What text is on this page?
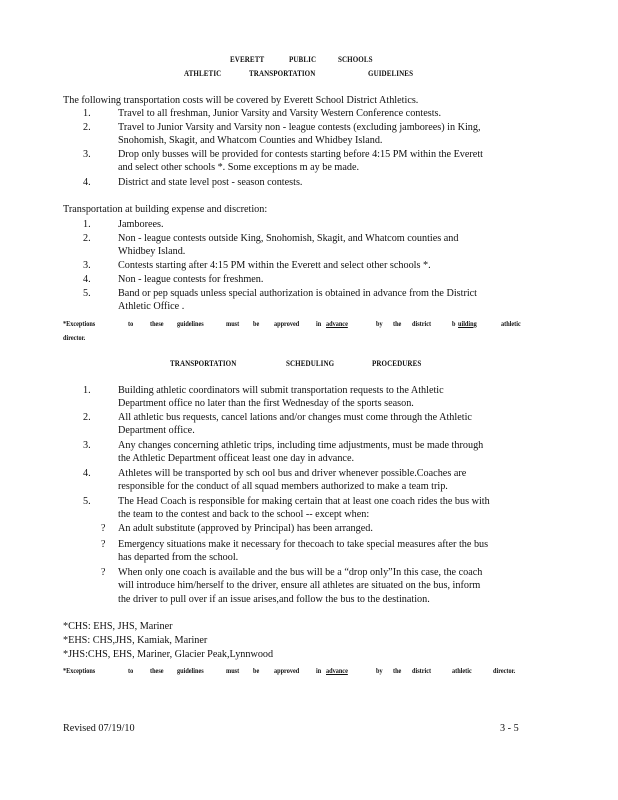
EVERETT	PUBLIC	SCHOOLS
ATHLETIC	TRANSPORTATION	GUIDELINES
The following transportation costs will be covered by Everett School District Athletics.
1.	Travel to all freshman, Junior Varsity and Varsity Western Conference contests.
2.	Travel to Junior Varsity and Varsity non - league contests (excluding jamborees) in King,
Snohomish, Skagit, and Whatcom Counties and Whidbey Island.
3.	Drop only busses will be provided for contests starting before 4:15 PM within the Everett
and select other schools *. Some exceptions m ay be made.
4.	District and state level post - season contests.
Transportation at building expense and discretion:
1.	Jamborees.
2.	Non - league contests outside King, Snohomish, Skagit, and Whatcom counties and
Whidbey Island.
3.	Contests starting after 4:15 PM within the Everett and select other schools *.
4.	Non - league contests for freshmen.
5.	Band or pep squads unless special authorization is obtained in advance from the District
Athletic Office .
*Exceptions	to these guidelines	must be approved in advance	by the district	b uilding	athletic
director.
TRANSPORTATION	SCHEDULING	PROCEDURES
1.	Building athletic coordinators will submit transportation requests to the Athletic
Department office no later than the first Wednesday of the sports season.
2.	All athletic bus requests, cancel lations and/or changes must come through the Athletic
Department office.
3.	Any changes concerning athletic trips, including time adjustments, must be made through
the Athletic Department officeat least one day in advance.
4.	Athletes will be transported by sch ool bus and driver whenever possible.Coaches are
responsible for the conduct of all squad members authorized to make a team trip.
5.	The Head Coach is responsible for making certain that at least one coach rides the bus with
the team to the contest and back to the school -- except when:
? An adult substitute (approved by Principal) has been arranged.
? Emergency situations make it necessary for thecoach to take special measures after the bus
has departed from the school.
? When only one coach is available and the bus will be a “drop only”In this case, the coach
will introduce him/herself to the driver, ensure all athletes are situated on the bus, inform
the driver to pull over if an issue arises,and follow the bus to the destination.
*CHS: EHS, JHS, Mariner
*EHS: CHS,JHS, Kamiak, Mariner
*JHS:CHS, EHS, Mariner, Glacier Peak,Lynnwood
*Exceptions	to these guidelines	must be approved in advance	by the district	athletic	director.
Revised 07/19/10	3 - 5
